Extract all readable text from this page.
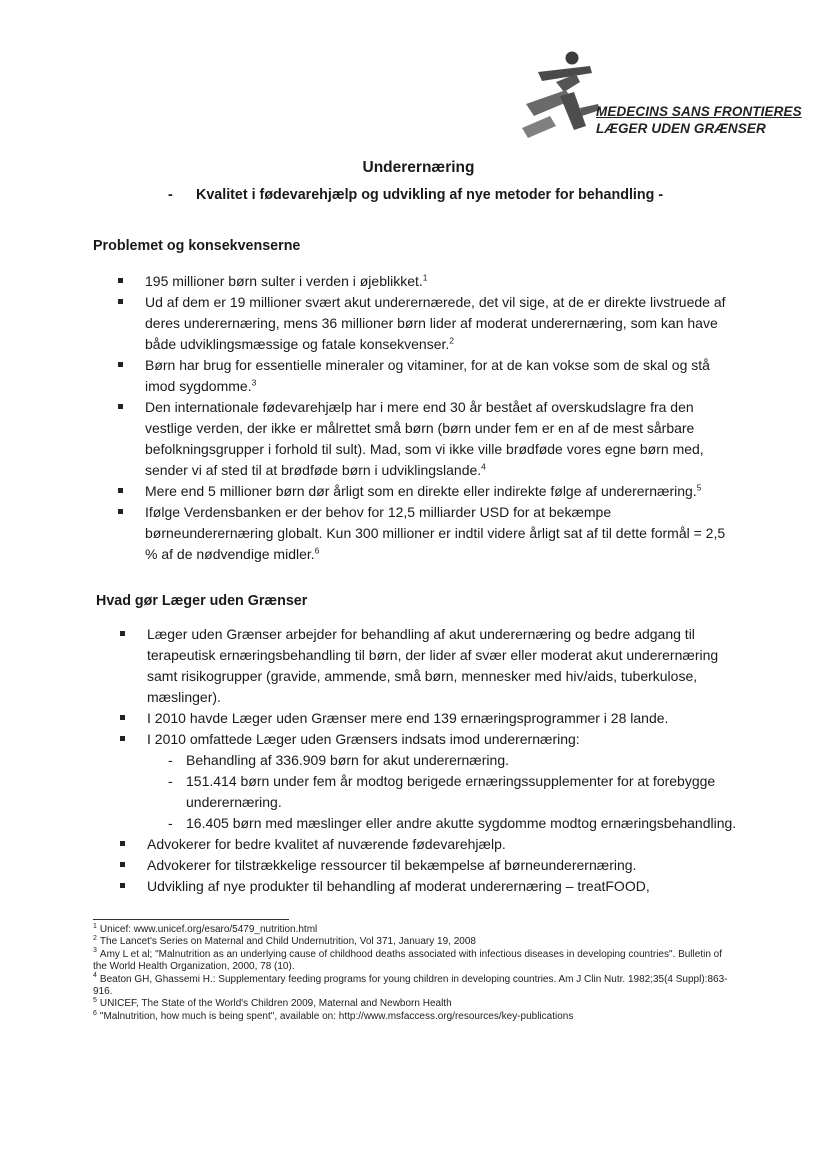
MEDECINS SANS FRONTIERES
LÆGER UDEN GRÆNSER
Underernæring
- Kvalitet i fødevarehjælp og udvikling af nye metoder for behandling -
Problemet og konsekvenserne
195 millioner børn sulter i verden i øjeblikket.$^1$
Ud af dem er 19 millioner svært akut underernærede, det vil sige, at de er direkte livstruede af deres underernæring, mens 36 millioner børn lider af moderat underernæring, som kan have både udviklingsmæssige og fatale konsekvenser.$^2$
Børn har brug for essentielle mineraler og vitaminer, for at de kan vokse som de skal og stå imod sygdomme.$^3$
Den internationale fødevarehjælp har i mere end 30 år bestået af overskudslagre fra den vestlige verden, der ikke er målrettet små børn (børn under fem er en af de mest sårbare befolkningsgrupper i forhold til sult). Mad, som vi ikke ville brødføde vores egne børn med, sender vi af sted til at brødføde børn i udviklingslande.$^4$
Mere end 5 millioner børn dør årligt som en direkte eller indirekte følge af underernæring.$^5$
Ifølge Verdensbanken er der behov for 12,5 milliarder USD for at bekæmpe børneunderernæring globalt. Kun 300 millioner er indtil videre årligt sat af til dette formål = 2,5 % af de nødvendige midler.$^6$
Hvad gør Læger uden Grænser
Læger uden Grænser arbejder for behandling af akut underernæring og bedre adgang til terapeutisk ernæringsbehandling til børn, der lider af svær eller moderat akut underernæring samt risikogrupper (gravide, ammende, små børn, mennesker med hiv/aids, tuberkulose, mæslinger).
I 2010 havde Læger uden Grænser mere end 139 ernæringsprogrammer i 28 lande.
I 2010 omfattede Læger uden Grænsers indsats imod underernæring:
- Behandling af 336.909 børn for akut underernæring.
- 151.414 børn under fem år modtog berigede ernæringssupplementer for at forebygge underernæring.
- 16.405 børn med mæslinger eller andre akutte sygdomme modtog ernæringsbehandling.
Advokerer for bedre kvalitet af nuværende fødevarehjælp.
Advokerer for tilstrækkelige ressourcer til bekæmpelse af børneunderernæring.
Udvikling af nye produkter til behandling af moderat underernæring – treatFOOD,

$^1$ Unicef: www.unicef.org/esaro/5479_nutrition.html

$^2$ The Lancet's Series on Maternal and Child Undernutrition, Vol 371, January 19, 2008

$^3$ Amy L et al; "Malnutrition as an underlying cause of childhood deaths associated with infectious diseases in developing countries". Bulletin of the World Health Organization, 2000, 78 (10).

$^4$ Beaton GH, Ghassemi H.: Supplementary feeding programs for young children in developing countries. Am J Clin Nutr. 1982;35(4 Suppl):863-916.

$^5$ UNICEF, The State of the World's Children 2009, Maternal and Newborn Health

$^6$ "Malnutrition, how much is being spent", available on: http://www.msfaccess.org/resources/key-publications
